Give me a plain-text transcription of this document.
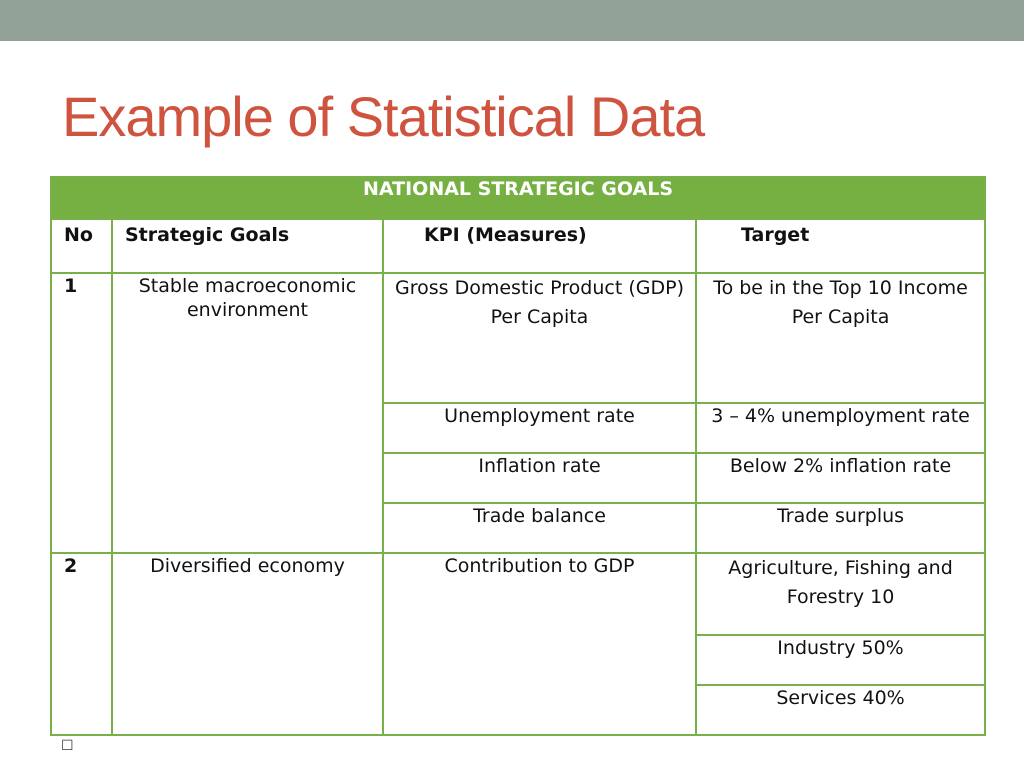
Example of Statistical Data
NATIONAL STRATEGIC GOALS			
No	Strategic Goals	KPI (Measures)	Target
1	Stable macroeconomic environment	Gross Domestic Product (GDP) Per Capita	To be in the Top 10 Income Per Capita
		Unemployment rate	3 – 4% unemployment rate
		Inflation rate	Below 2% inflation rate
		Trade balance	Trade surplus
2	Diversified economy	Contribution to GDP	Agriculture, Fishing and Forestry 10
			Industry 50%
			Services 40%
☐
